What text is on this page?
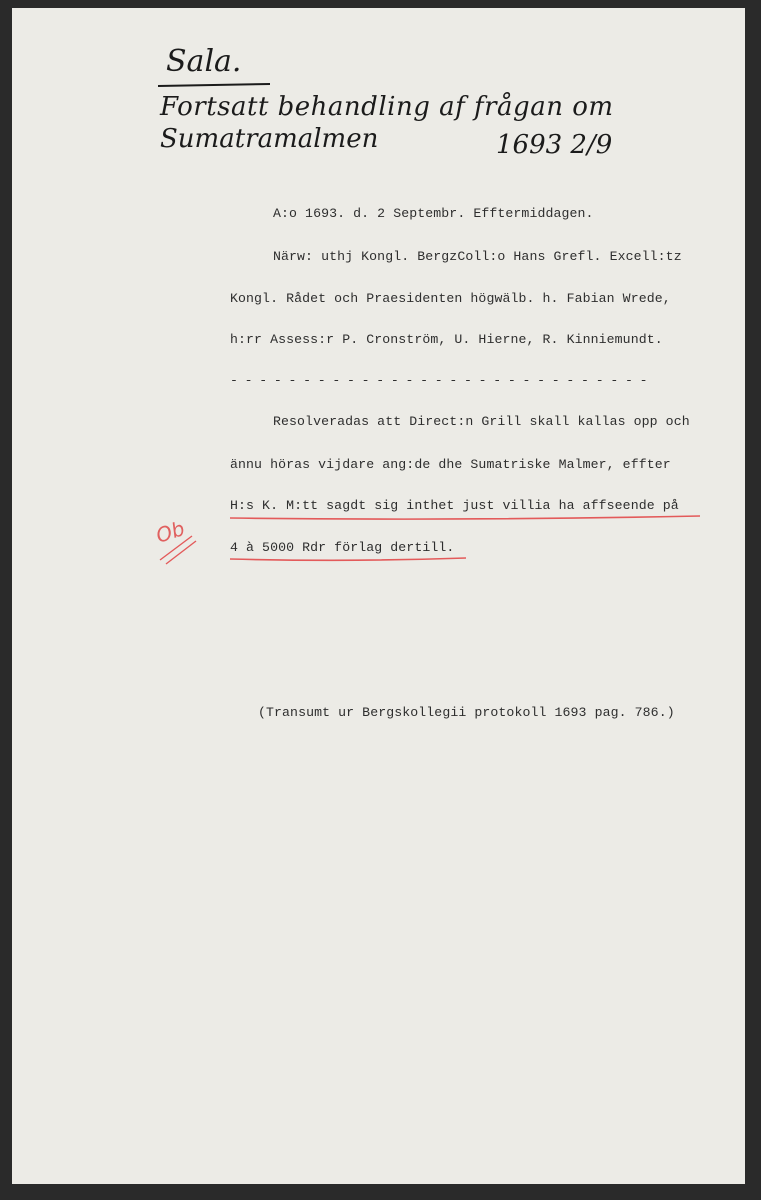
Sala.
Fortsatt behandling af frågan om
Sumatramalmen	1693 2/9
A:o 1693. d. 2 Septembr. Efftermiddagen.
Närw: uthj Kongl. BergzColl:o Hans Grefl. Excell:tz
Kongl. Rådet och Praesidenten högwälb. h. Fabian Wrede,
h:rr Assess:r P. Cronström, U. Hierne, R. Kinniemundt.
- - - - - - - - - - - - - - - - - - - - - - - - - - - - -
Resolveradas att Direct:n Grill skall kallas opp och
ännu höras vijdare ang:de dhe Sumatriske Malmer, effter
H:s K. M:tt sagdt sig inthet just villia ha affseende på
4 à 5000 Rdr förlag dertill.
(Transumt ur Bergskollegii protokoll 1693 pag. 786.)
Ob
